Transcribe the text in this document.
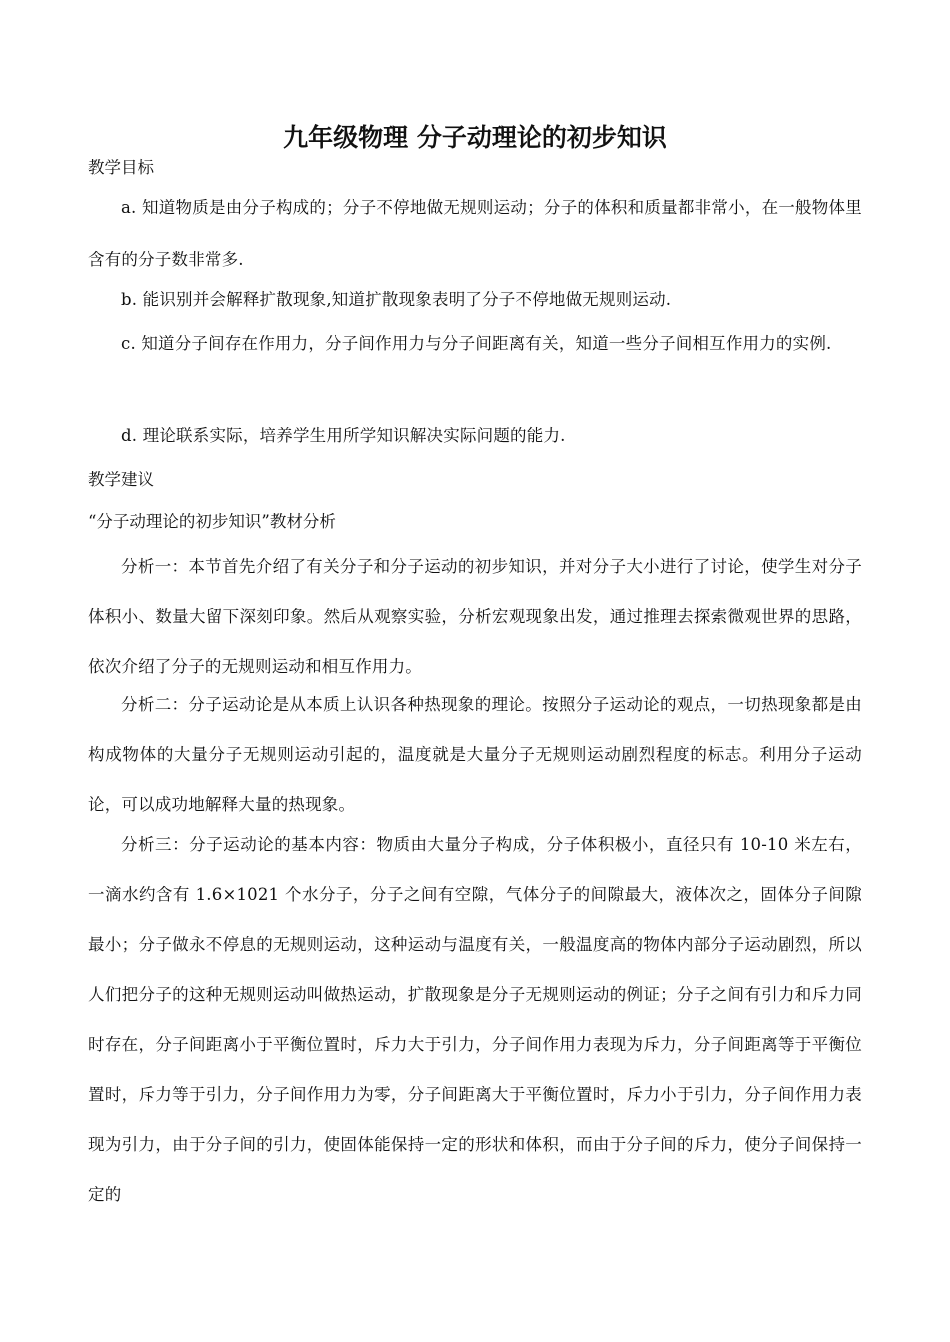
九年级物理 分子动理论的初步知识
教学目标
a. 知道物质是由分子构成的；分子不停地做无规则运动；分子的体积和质量都非常小，在一般物体里含有的分子数非常多.
b. 能识别并会解释扩散现象,知道扩散现象表明了分子不停地做无规则运动.
c. 知道分子间存在作用力，分子间作用力与分子间距离有关，知道一些分子间相互作用力的实例.
d. 理论联系实际，培养学生用所学知识解决实际问题的能力.
教学建议
“分子动理论的初步知识”教材分析
分析一：本节首先介绍了有关分子和分子运动的初步知识，并对分子大小进行了讨论，使学生对分子体积小、数量大留下深刻印象。然后从观察实验，分析宏观现象出发，通过推理去探索微观世界的思路，依次介绍了分子的无规则运动和相互作用力。
分析二：分子运动论是从本质上认识各种热现象的理论。按照分子运动论的观点，一切热现象都是由构成物体的大量分子无规则运动引起的，温度就是大量分子无规则运动剧烈程度的标志。利用分子运动论，可以成功地解释大量的热现象。
分析三：分子运动论的基本内容：物质由大量分子构成，分子体积极小，直径只有 10-10 米左右，一滴水约含有 1.6×1021 个水分子，分子之间有空隙，气体分子的间隙最大，液体次之，固体分子间隙最小；分子做永不停息的无规则运动，这种运动与温度有关，一般温度高的物体内部分子运动剧烈，所以人们把分子的这种无规则运动叫做热运动，扩散现象是分子无规则运动的例证；分子之间有引力和斥力同时存在，分子间距离小于平衡位置时，斥力大于引力，分子间作用力表现为斥力，分子间距离等于平衡位置时，斥力等于引力，分子间作用力为零，分子间距离大于平衡位置时，斥力小于引力，分子间作用力表现为引力，由于分子间的引力，使固体能保持一定的形状和体积，而由于分子间的斥力，使分子间保持一定的
